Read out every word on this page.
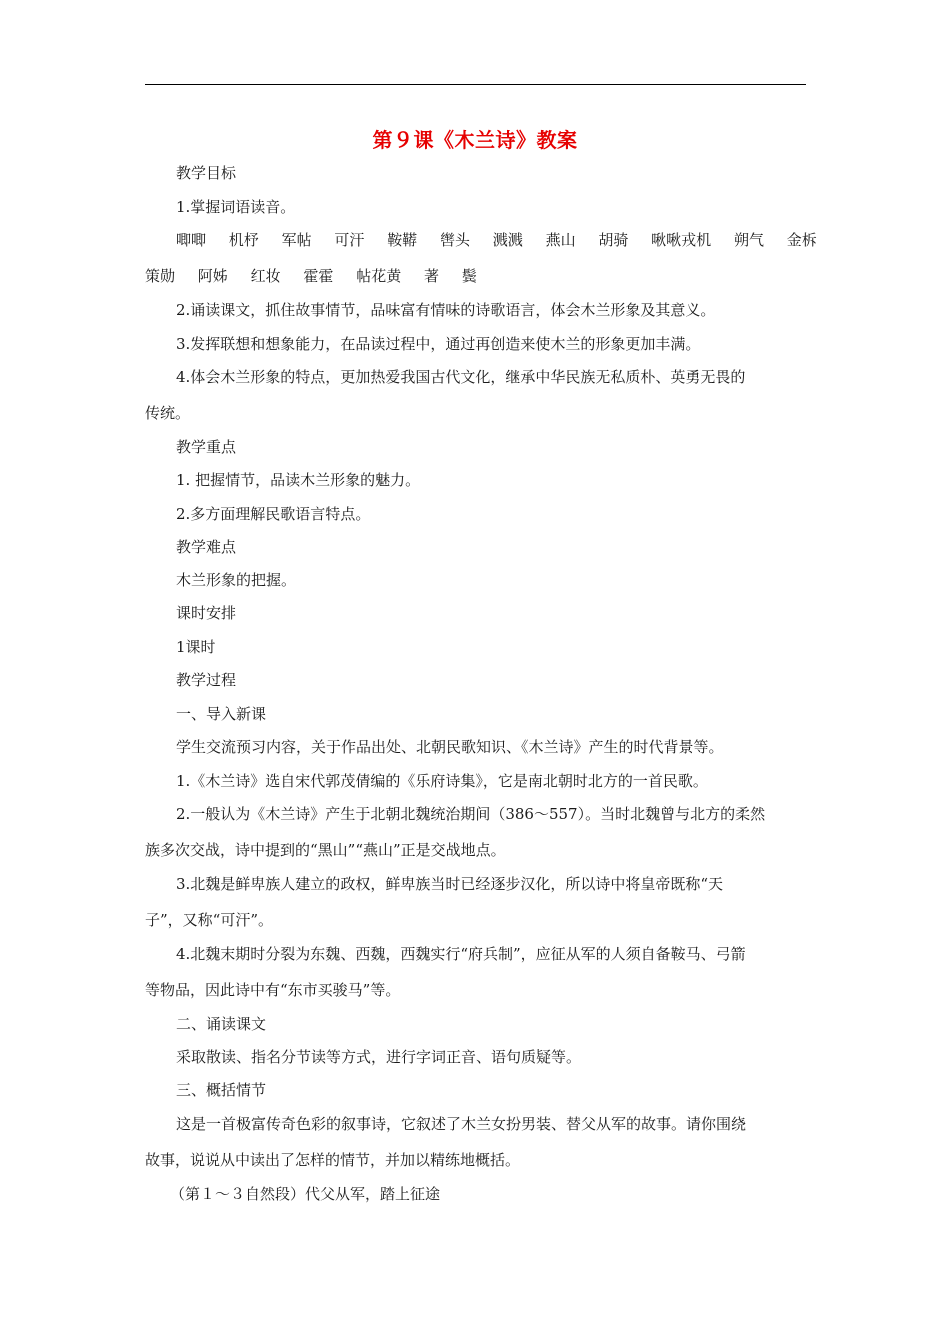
第９课《木兰诗》教案
教学目标
1.掌握词语读音。
唧唧 机杼 军帖 可汗 鞍鞯 辔头 溅溅 燕山 胡骑 啾啾戎机 朔气 金柝
策勋 阿姊 红妆 霍霍 帖花黄 著 鬓
2.诵读课文，抓住故事情节，品味富有情味的诗歌语言，体会木兰形象及其意义。
3.发挥联想和想象能力，在品读过程中，通过再创造来使木兰的形象更加丰满。
4.体会木兰形象的特点，更加热爱我国古代文化，继承中华民族无私质朴、英勇无畏的
传统。
教学重点
1. 把握情节，品读木兰形象的魅力。
2.多方面理解民歌语言特点。
教学难点
木兰形象的把握。
课时安排
1课时
教学过程
一、导入新课
学生交流预习内容，关于作品出处、北朝民歌知识、《木兰诗》产生的时代背景等。
1.《木兰诗》选自宋代郭茂倩编的《乐府诗集》，它是南北朝时北方的一首民歌。
2.一般认为《木兰诗》产生于北朝北魏统治期间（386～557）。当时北魏曾与北方的柔然
族多次交战，诗中提到的“黑山”“燕山”正是交战地点。
3.北魏是鲜卑族人建立的政权，鲜卑族当时已经逐步汉化，所以诗中将皇帝既称“天
子”，又称“可汗”。
4.北魏末期时分裂为东魏、西魏，西魏实行“府兵制”，应征从军的人须自备鞍马、弓箭
等物品，因此诗中有“东市买骏马”等。
二、诵读课文
采取散读、指名分节读等方式，进行字词正音、语句质疑等。
三、概括情节
这是一首极富传奇色彩的叙事诗，它叙述了木兰女扮男装、替父从军的故事。请你围绕
故事，说说从中读出了怎样的情节，并加以精练地概括。
（第１～３自然段）代父从军，踏上征途
